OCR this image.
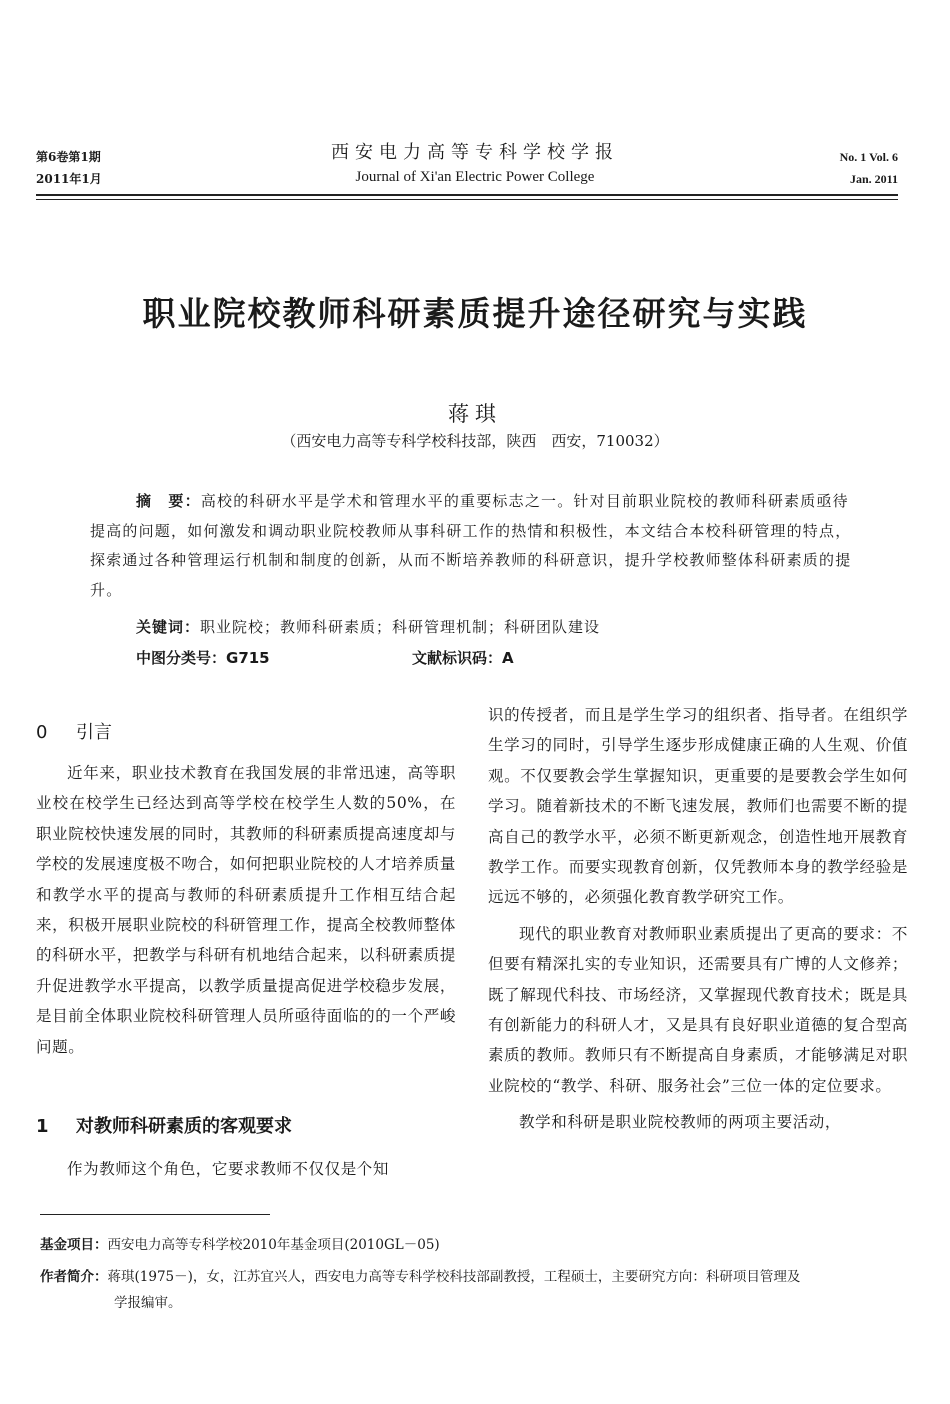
第6卷第1期
2011年1月
西安电力高等专科学校学报
Journal of Xi'an Electric Power College
No. 1 Vol. 6
Jan. 2011
职业院校教师科研素质提升途径研究与实践
蒋琪
（西安电力高等专科学校科技部，陕西　西安，710032）

摘　要：高校的科研水平是学术和管理水平的重要标志之一。针对目前职业院校的教师科研素质亟待提高的问题，如何激发和调动职业院校教师从事科研工作的热情和积极性，本文结合本校科研管理的特点，探索通过各种管理运行机制和制度的创新，从而不断培养教师的科研意识，提升学校教师整体科研素质的提升。

关键词：职业院校；教师科研素质；科研管理机制；科研团队建设
中图分类号：G715	文献标识码：A
0 引言

近年来，职业技术教育在我国发展的非常迅速，高等职业校在校学生已经达到高等学校在校学生人数的50%，在职业院校快速发展的同时，其教师的科研素质提高速度却与学校的发展速度极不吻合，如何把职业院校的人才培养质量和教学水平的提高与教师的科研素质提升工作相互结合起来，积极开展职业院校的科研管理工作，提高全校教师整体的科研水平，把教学与科研有机地结合起来，以科研素质提升促进教学水平提高，以教学质量提高促进学校稳步发展，是目前全体职业院校科研管理人员所亟待面临的的一个严峻问题。

1 对教师科研素质的客观要求

作为教师这个角色，它要求教师不仅仅是个知

识的传授者，而且是学生学习的组织者、指导者。在组织学生学习的同时，引导学生逐步形成健康正确的人生观、价值观。不仅要教会学生掌握知识，更重要的是要教会学生如何学习。随着新技术的不断飞速发展，教师们也需要不断的提高自己的教学水平，必须不断更新观念，创造性地开展教育教学工作。而要实现教育创新，仅凭教师本身的教学经验是远远不够的，必须强化教育教学研究工作。

现代的职业教育对教师职业素质提出了更高的要求：不但要有精深扎实的专业知识，还需要具有广博的人文修养；既了解现代科技、市场经济，又掌握现代教育技术；既是具有创新能力的科研人才，又是具有良好职业道德的复合型高素质的教师。教师只有不断提高自身素质，才能够满足对职业院校的“教学、科研、服务社会”三位一体的定位要求。

教学和科研是职业院校教师的两项主要活动，

基金项目：西安电力高等专科学校2010年基金项目(2010GL－05)
作者简介：蒋琪(1975－)，女，江苏宜兴人，西安电力高等专科学校科技部副教授，工程硕士，主要研究方向：科研项目管理及
学报编审。
